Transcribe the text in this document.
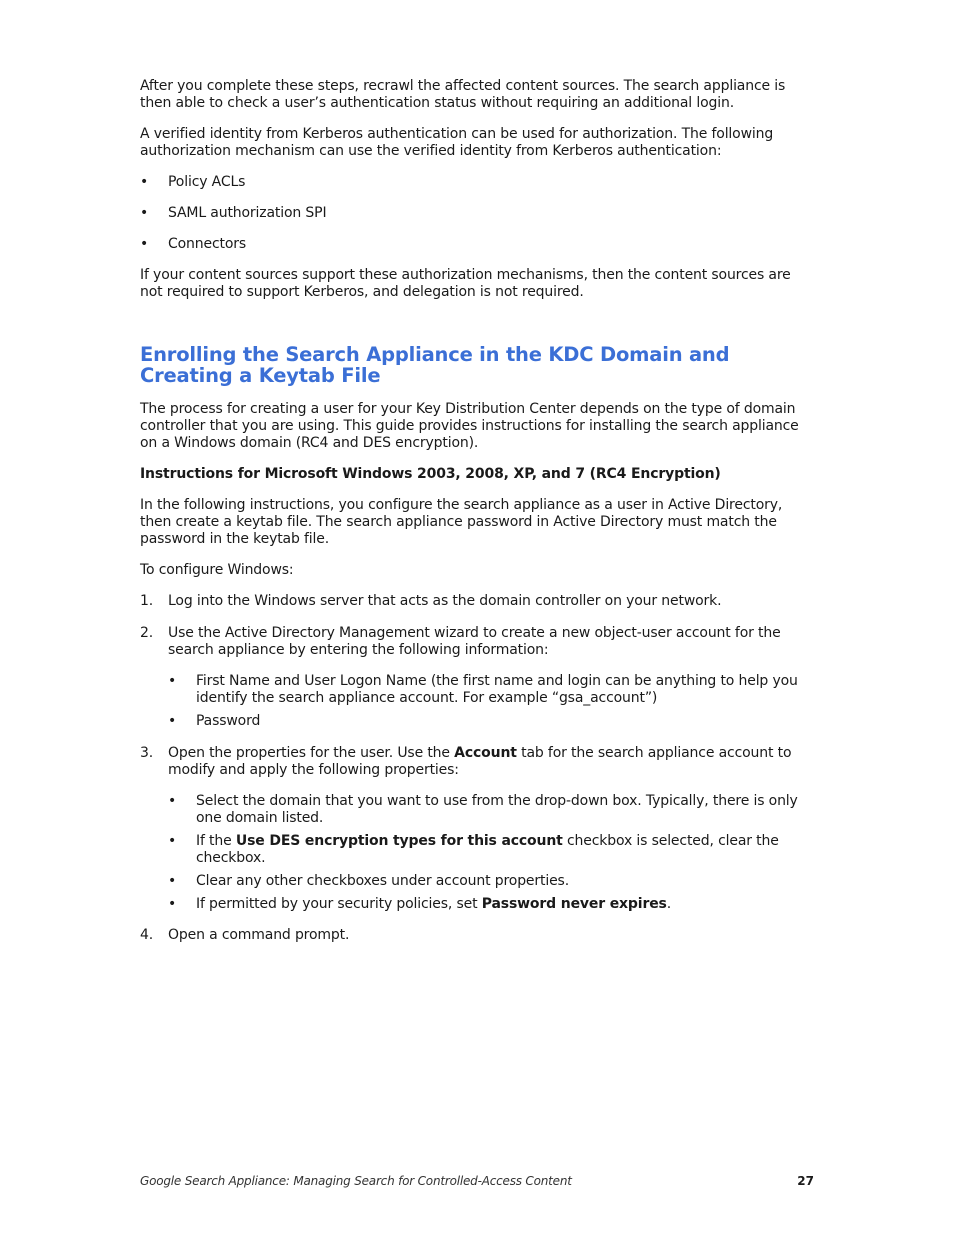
After you complete these steps, recrawl the affected content sources. The search appliance is then able to check a user’s authentication status without requiring an additional login.

A verified identity from Kerberos authentication can be used for authorization. The following authorization mechanism can use the verified identity from Kerberos authentication:

• Policy ACLs
• SAML authorization SPI
• Connectors

If your content sources support these authorization mechanisms, then the content sources are not required to support Kerberos, and delegation is not required.

Enrolling the Search Appliance in the KDC Domain and Creating a Keytab File

The process for creating a user for your Key Distribution Center depends on the type of domain controller that you are using. This guide provides instructions for installing the search appliance on a Windows domain (RC4 and DES encryption).

Instructions for Microsoft Windows 2003, 2008, XP, and 7 (RC4 Encryption)

In the following instructions, you configure the search appliance as a user in Active Directory, then create a keytab file. The search appliance password in Active Directory must match the password in the keytab file.

To configure Windows:

1. Log into the Windows server that acts as the domain controller on your network.
2. Use the Active Directory Management wizard to create a new object-user account for the search appliance by entering the following information:
• First Name and User Logon Name (the first name and login can be anything to help you identify the search appliance account. For example “gsa_account”)
• Password
3. Open the properties for the user. Use the Account tab for the search appliance account to modify and apply the following properties:
• Select the domain that you want to use from the drop-down box. Typically, there is only one domain listed.
• If the Use DES encryption types for this account checkbox is selected, clear the checkbox.
• Clear any other checkboxes under account properties.
• If permitted by your security policies, set Password never expires.
4. Open a command prompt.
Google Search Appliance: Managing Search for Controlled-Access Content	27
